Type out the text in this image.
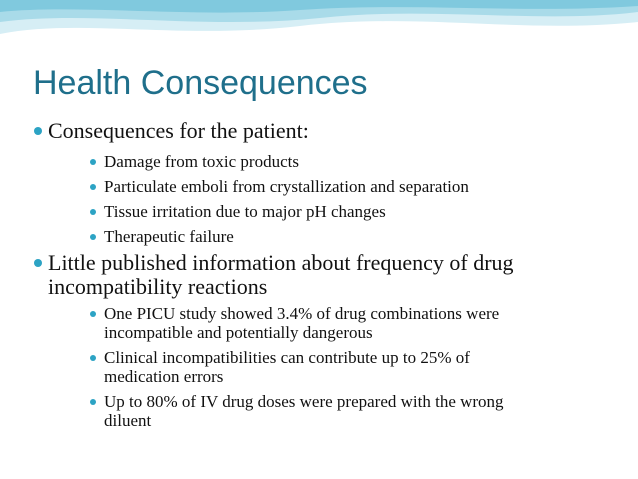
Health Consequences
Consequences for the patient:
Damage from toxic products
Particulate emboli from crystallization and separation
Tissue irritation due to major pH changes
Therapeutic failure
Little published information about frequency of drug
incompatibility reactions
One PICU study showed 3.4% of drug combinations were
incompatible and potentially dangerous
Clinical incompatibilities can contribute up to 25% of
medication errors
Up to 80% of IV drug doses were prepared with the wrong
diluent
